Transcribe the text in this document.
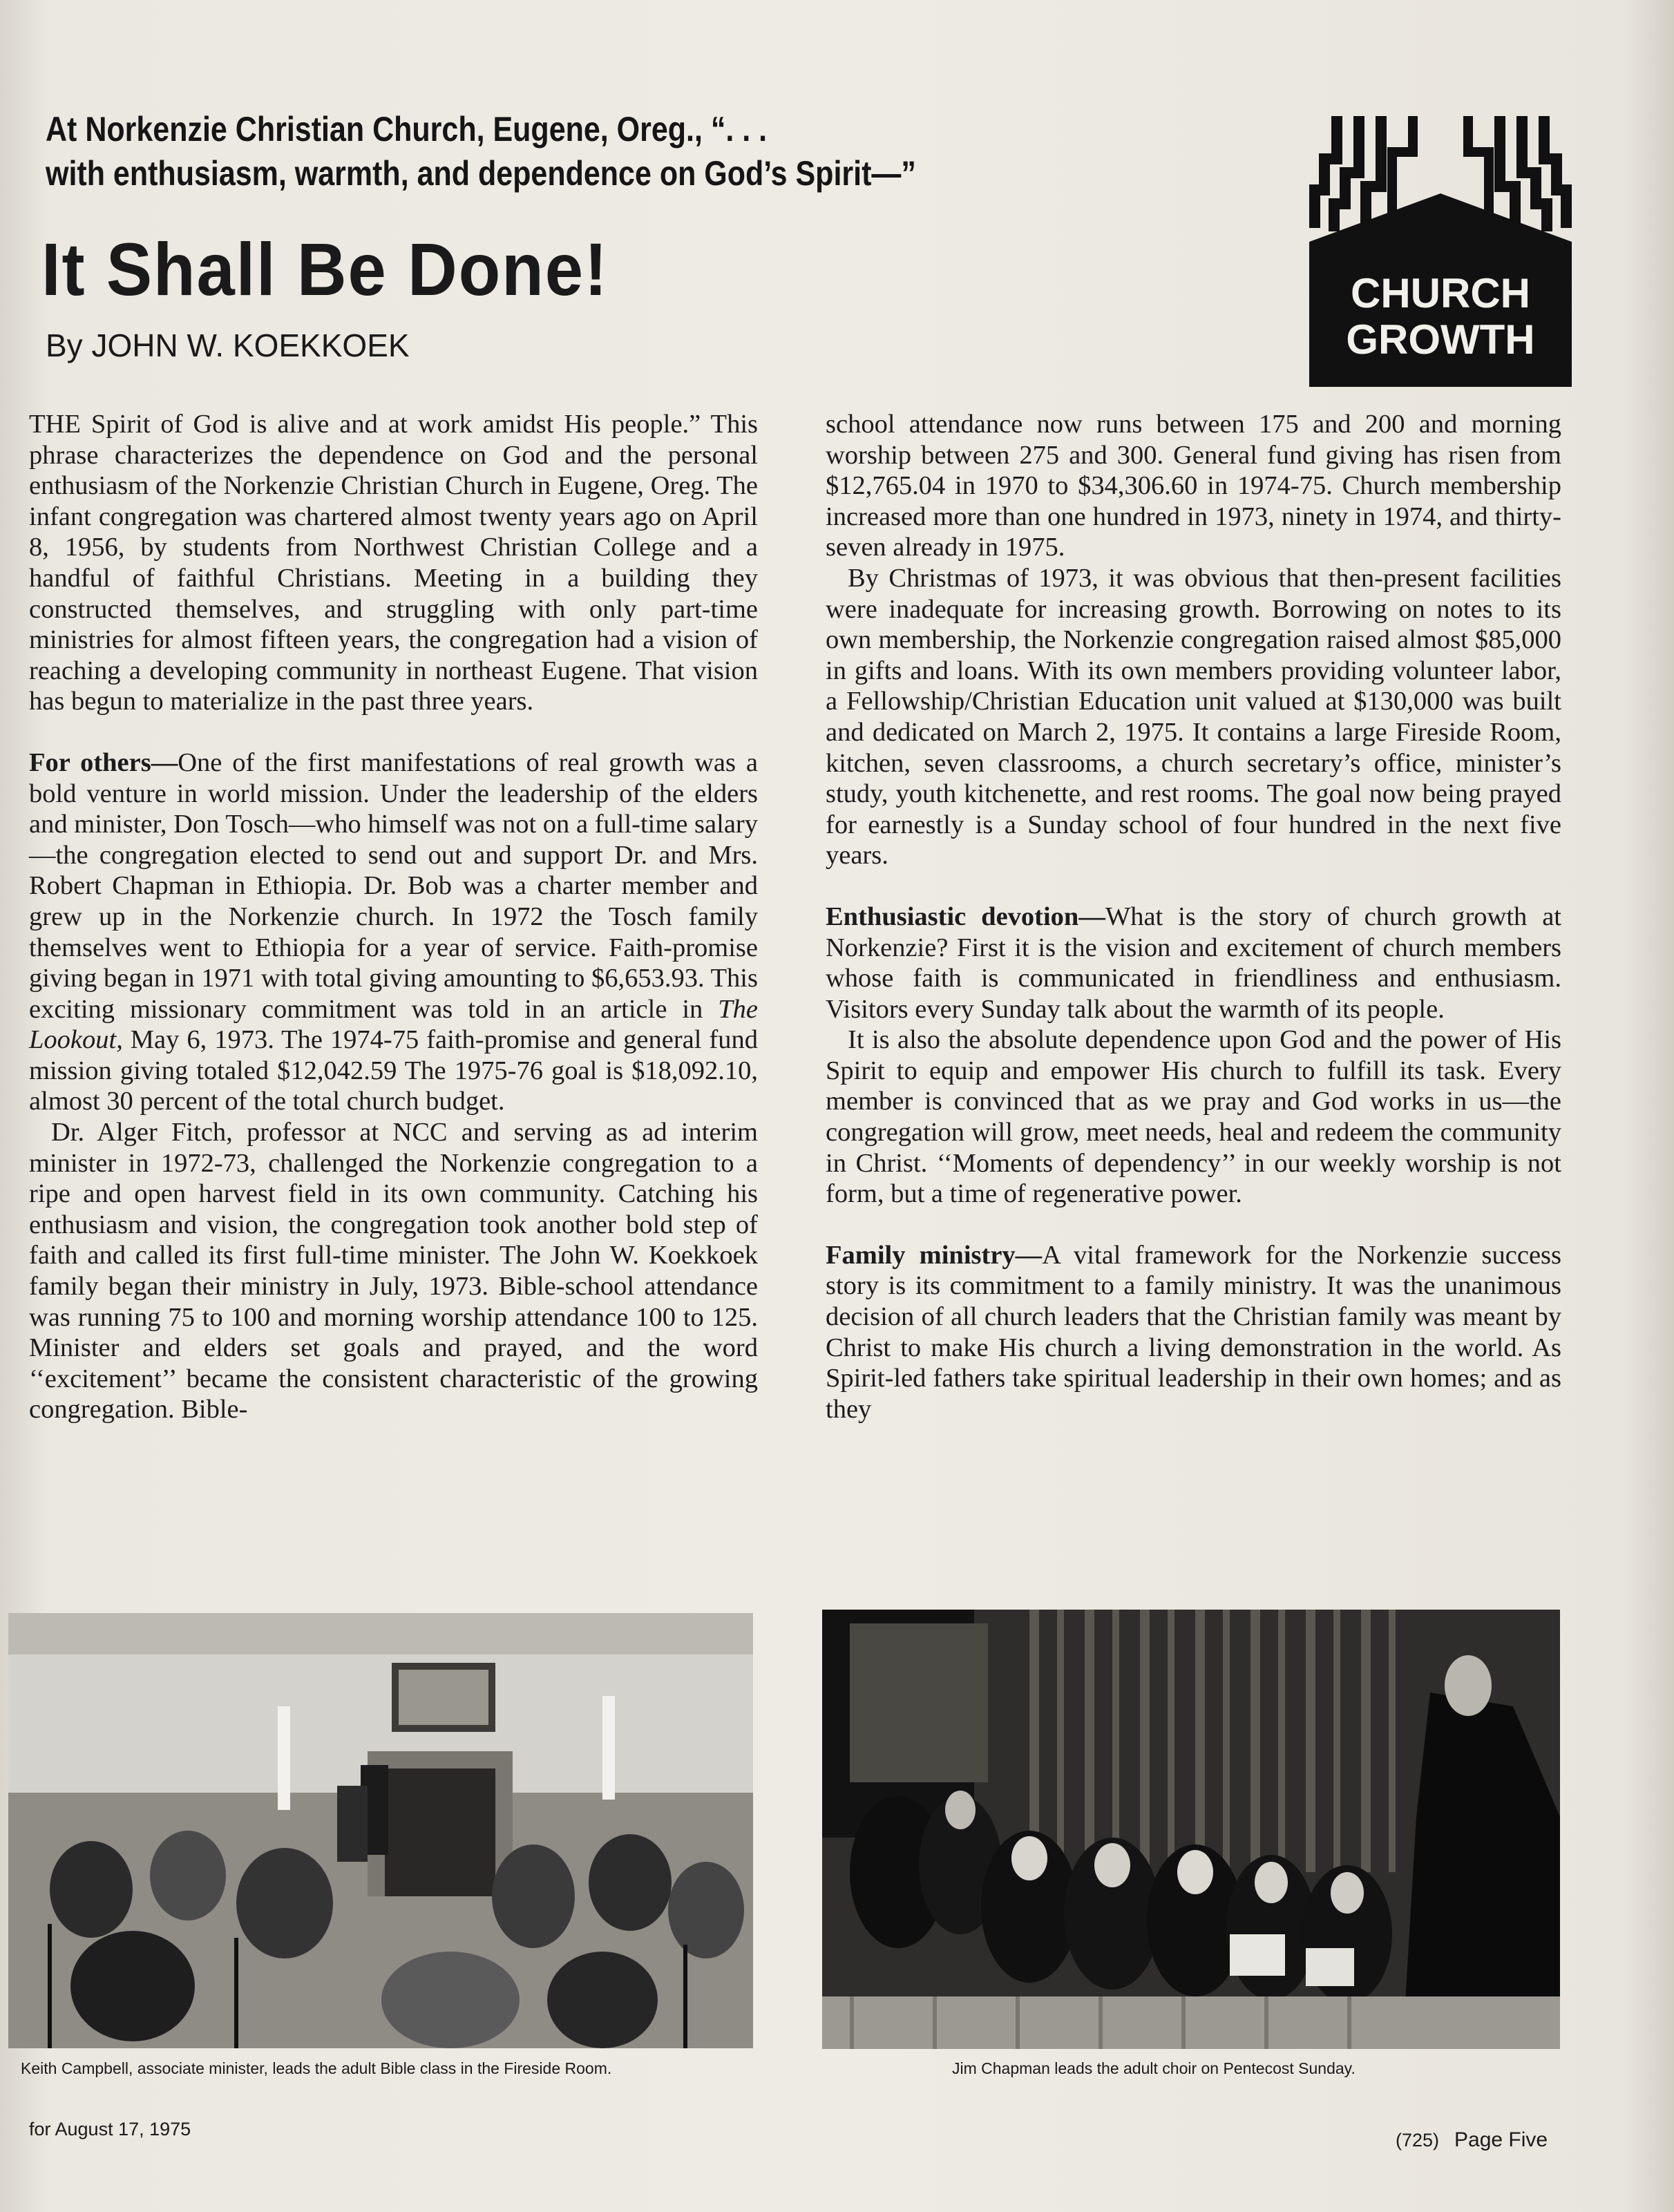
At Norkenzie Christian Church, Eugene, Oreg., “. . .
with enthusiasm, warmth, and dependence on God’s Spirit—”
It Shall Be Done!
By JOHN W. KOEKKOEK
CHURCH
GROWTH

THE Spirit of God is alive and at work amidst His people.” This phrase characterizes the dependence on God and the personal enthusiasm of the Norkenzie Christian Church in Eugene, Oreg. The infant congregation was chartered almost twenty years ago on April 8, 1956, by students from Northwest Christian College and a handful of faithful Christians. Meeting in a building they constructed themselves, and struggling with only part-time ministries for almost fifteen years, the congregation had a vision of reaching a developing community in northeast Eugene. That vision has begun to materialize in the past three years.

For others—One of the first manifestations of real growth was a bold venture in world mission. Under the leadership of the elders and minister, Don Tosch—who himself was not on a full-time salary—the congregation elected to send out and support Dr. and Mrs. Robert Chapman in Ethiopia. Dr. Bob was a charter member and grew up in the Norkenzie church. In 1972 the Tosch family themselves went to Ethiopia for a year of service. Faith-promise giving began in 1971 with total giving amounting to $6,653.93. This exciting missionary commitment was told in an article in The Lookout, May 6, 1973. The 1974-75 faith-promise and general fund mission giving totaled $12,042.59 The 1975-76 goal is $18,092.10, almost 30 percent of the total church budget.

Dr. Alger Fitch, professor at NCC and serving as ad interim minister in 1972-73, challenged the Norkenzie congregation to a ripe and open harvest field in its own community. Catching his enthusiasm and vision, the congregation took another bold step of faith and called its first full-time minister. The John W. Koekkoek family began their ministry in July, 1973. Bible-school attendance was running 75 to 100 and morning worship attendance 100 to 125. Minister and elders set goals and prayed, and the word ‘‘excitement’’ became the consistent characteristic of the growing congregation. Bible-

school attendance now runs between 175 and 200 and morning worship between 275 and 300. General fund giving has risen from $12,765.04 in 1970 to $34,306.60 in 1974-75. Church membership increased more than one hundred in 1973, ninety in 1974, and thirty-seven already in 1975.

By Christmas of 1973, it was obvious that then-present facilities were inadequate for increasing growth. Borrowing on notes to its own membership, the Norkenzie congregation raised almost $85,000 in gifts and loans. With its own members providing volunteer labor, a Fellowship/Christian Education unit valued at $130,000 was built and dedicated on March 2, 1975. It contains a large Fireside Room, kitchen, seven classrooms, a church secretary’s office, minister’s study, youth kitchenette, and rest rooms. The goal now being prayed for earnestly is a Sunday school of four hundred in the next five years.

Enthusiastic devotion—What is the story of church growth at Norkenzie? First it is the vision and excitement of church members whose faith is communicated in friendliness and enthusiasm. Visitors every Sunday talk about the warmth of its people.

It is also the absolute dependence upon God and the power of His Spirit to equip and empower His church to fulfill its task. Every member is convinced that as we pray and God works in us—the congregation will grow, meet needs, heal and redeem the community in Christ. ‘‘Moments of dependency’’ in our weekly worship is not form, but a time of regenerative power.

Family ministry—A vital framework for the Norkenzie success story is its commitment to a family ministry. It was the unanimous decision of all church leaders that the Christian family was meant by Christ to make His church a living demonstration in the world. As Spirit-led fathers take spiritual leadership in their own homes; and as they

Keith Campbell, associate minister, leads the adult Bible class in the Fireside Room.	Jim Chapman leads the adult choir on Pentecost Sunday.
for August 17, 1975
(725) Page Five
